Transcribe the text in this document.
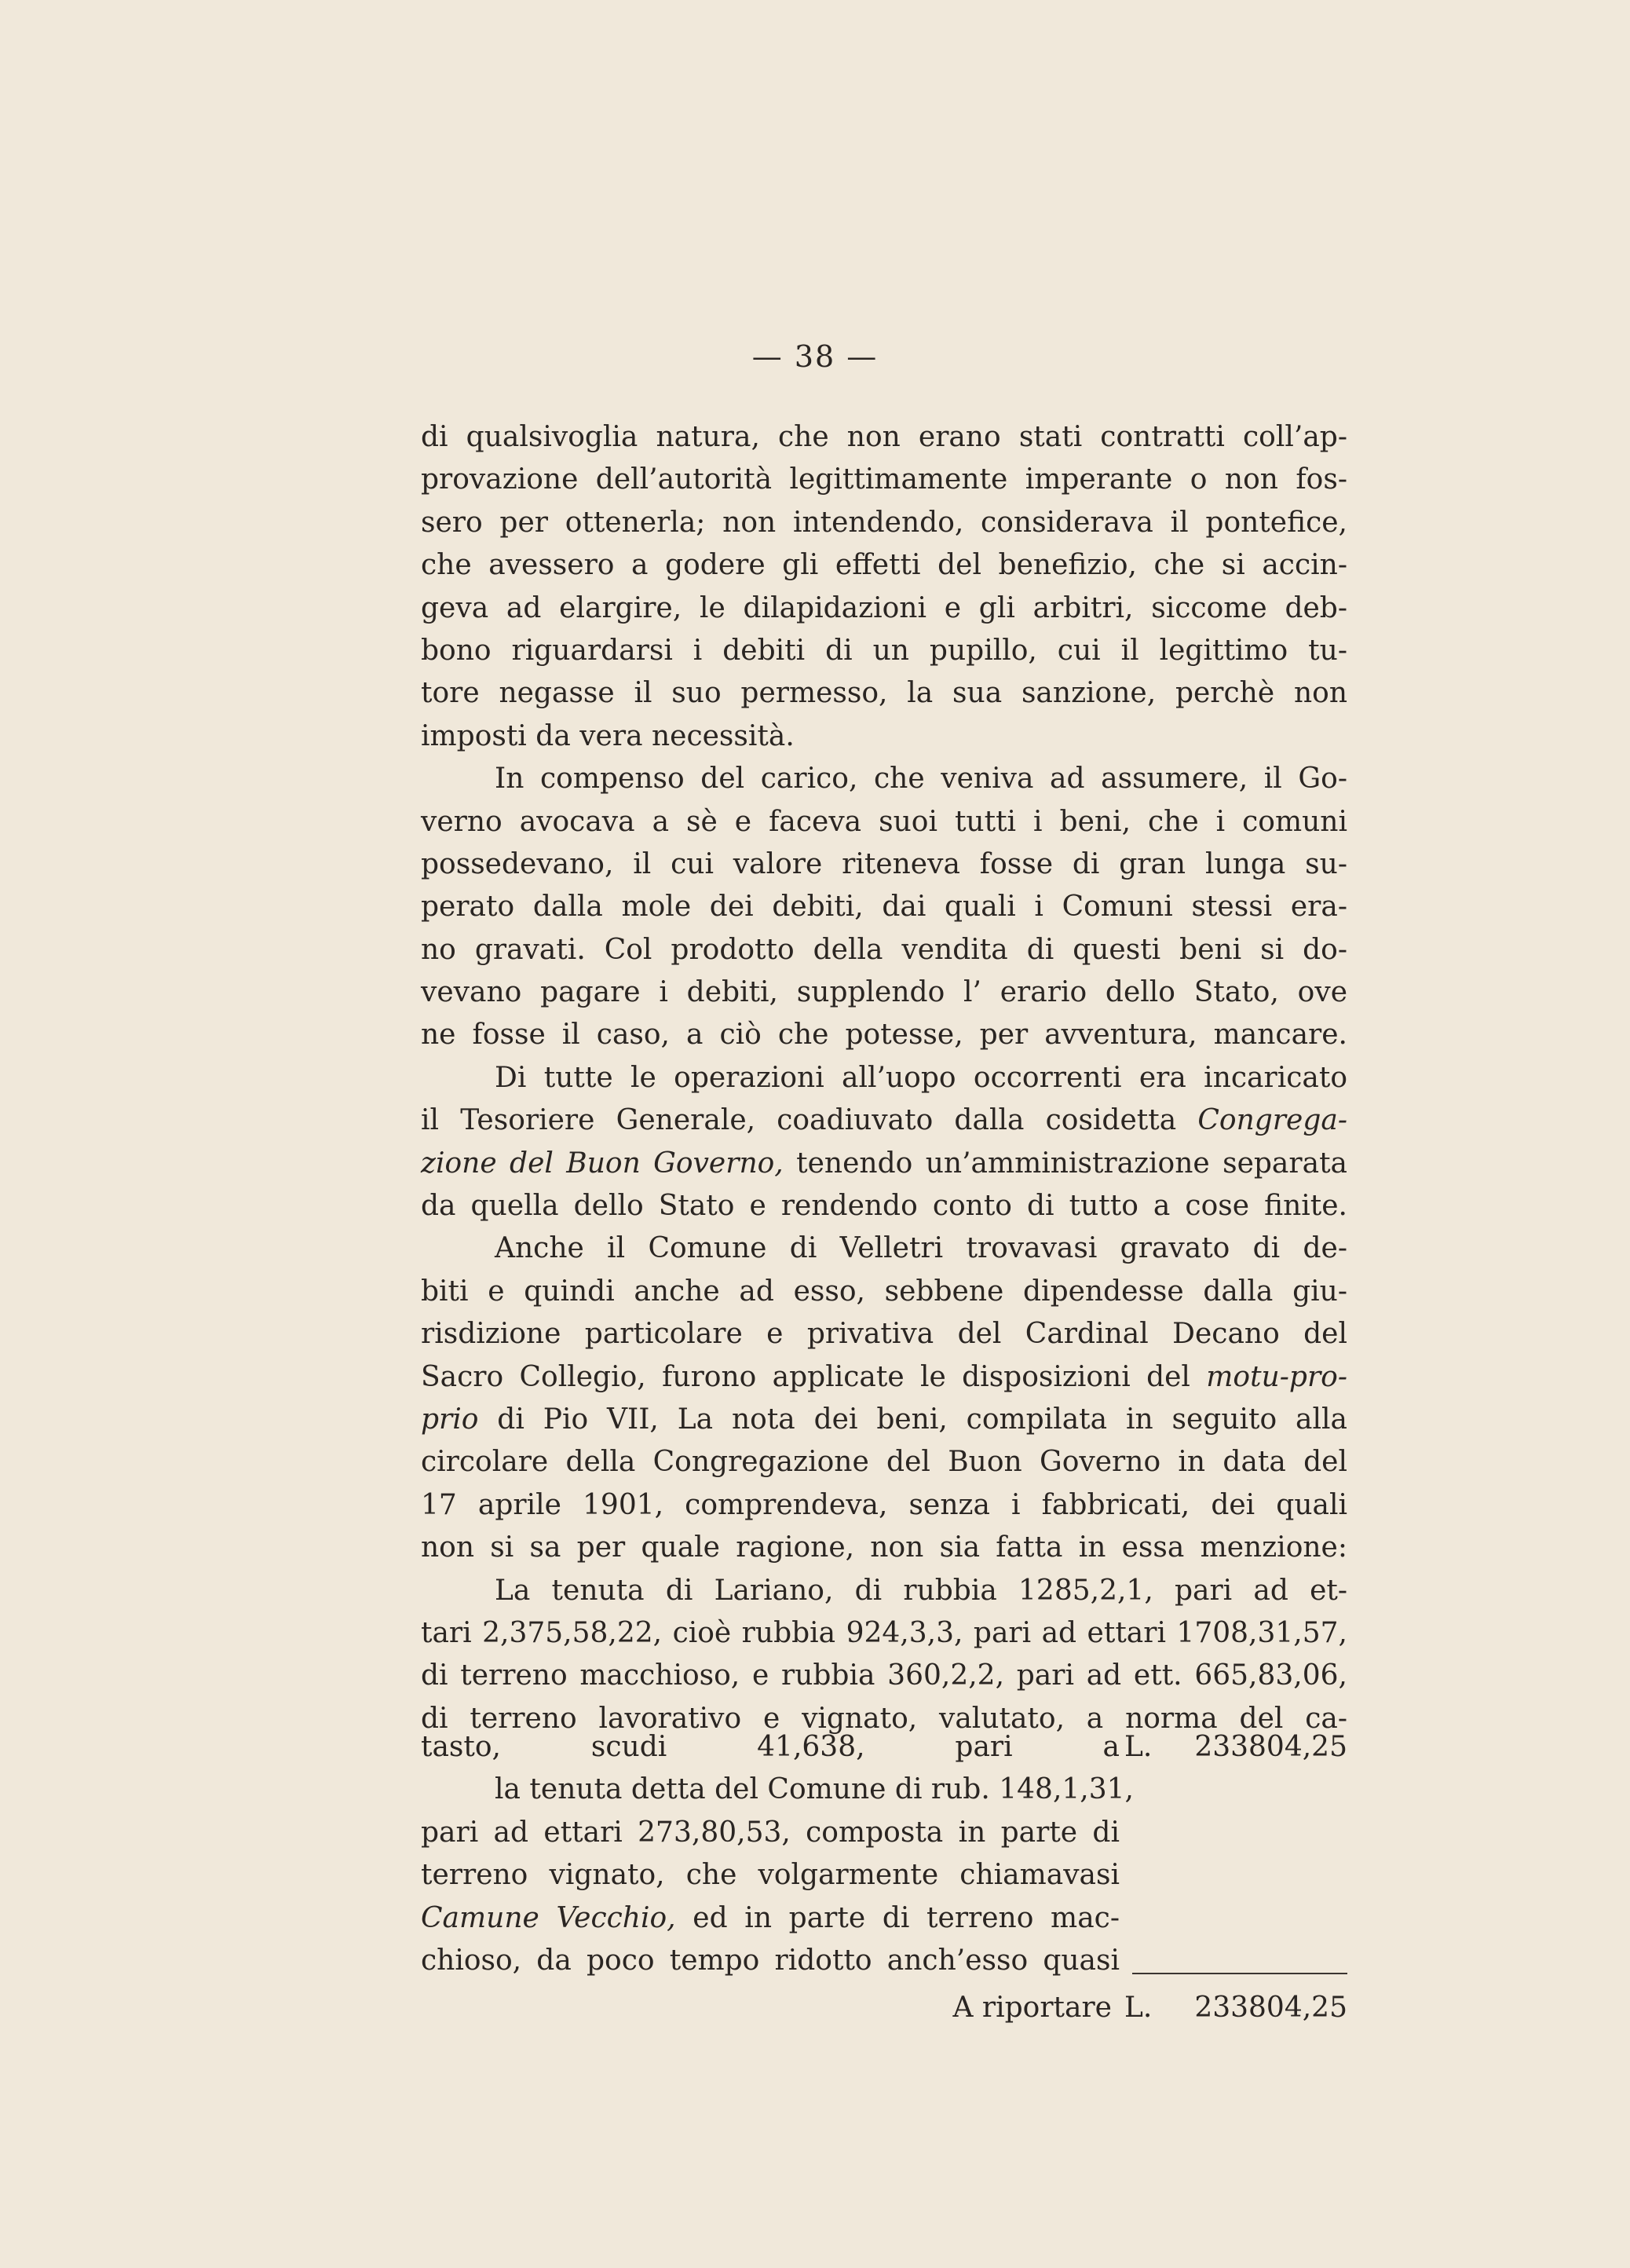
— 38 —
di qualsivoglia natura, che non erano stati contratti coll’ap-
provazione dell’autorità legittimamente imperante o non fos-
sero per ottenerla; non intendendo, considerava il pontefice,
che avessero a godere gli effetti del benefizio, che si accin-
geva ad elargire, le dilapidazioni e gli arbitri, siccome deb-
bono riguardarsi i debiti di un pupillo, cui il legittimo tu-
tore negasse il suo permesso, la sua sanzione, perchè non
imposti da vera necessità.
In compenso del carico, che veniva ad assumere, il Go-
verno avocava a sè e faceva suoi tutti i beni, che i comuni
possedevano, il cui valore riteneva fosse di gran lunga su-
perato dalla mole dei debiti, dai quali i Comuni stessi era-
no gravati. Col prodotto della vendita di questi beni si do-
vevano pagare i debiti, supplendo l’ erario dello Stato, ove
ne fosse il caso, a ciò che potesse, per avventura, mancare.
Di tutte le operazioni all’uopo occorrenti era incaricato
il Tesoriere Generale, coadiuvato dalla cosidetta Congrega-
zione del Buon Governo, tenendo un’amministrazione separata
da quella dello Stato e rendendo conto di tutto a cose finite.
Anche il Comune di Velletri trovavasi gravato di de-
biti e quindi anche ad esso, sebbene dipendesse dalla giu-
risdizione particolare e privativa del Cardinal Decano del
Sacro Collegio, furono applicate le disposizioni del motu-pro-
prio di Pio VII, La nota dei beni, compilata in seguito alla
circolare della Congregazione del Buon Governo in data del
17 aprile 1901, comprendeva, senza i fabbricati, dei quali
non si sa per quale ragione, non sia fatta in essa menzione:
La tenuta di Lariano, di rubbia 1285,2,1, pari ad et-
tari 2,375,58,22, cioè rubbia 924,3,3, pari ad ettari 1708,31,57,
di terreno macchioso, e rubbia 360,2,2, pari ad ett. 665,83,06,
di terreno lavorativo e vignato, valutato, a norma del ca-
tasto, scudi 41,638, pari a L. 233804,25
la tenuta detta del Comune di rub. 148,1,31,
pari ad ettari 273,80,53, composta in parte di
terreno vignato, che volgarmente chiamavasi
Camune Vecchio, ed in parte di terreno mac-
chioso, da poco tempo ridotto anch’esso quasi
A riportare L. 233804,25
